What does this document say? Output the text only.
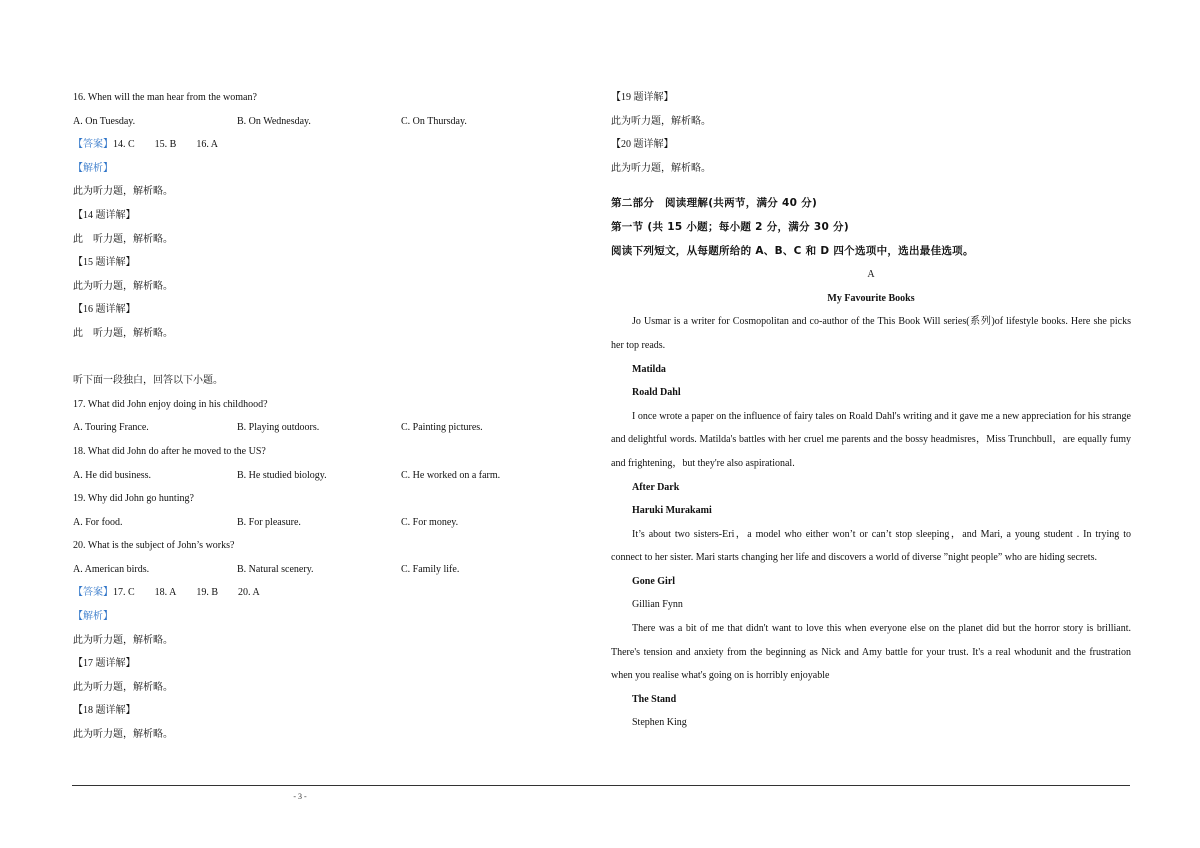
16. When will the man hear from the woman?
A. On Tuesday.	B. On Wednesday.	C. On Thursday.
【答案】14. C 15. B 16. A
【解析】
此为听力题，解析略。
【14 题详解】
此　听力题，解析略。
【15 题详解】
此为听力题，解析略。
【16 题详解】
此　听力题，解析略。
听下面一段独白，回答以下小题。
17. What did John enjoy doing in his childhood?
A. Touring France.	B. Playing outdoors.	C. Painting pictures.
18. What did John do after he moved to the US?
A. He did business.	B. He studied biology.	C. He worked on a farm.
19. Why did John go hunting?
A. For food.	B. For pleasure.	C. For money.
20. What is the subject of John’s works?
A. American birds.	B. Natural scenery.	C. Family life.
【答案】17. C 18. A 19. B 20. A
【解析】
此为听力题，解析略。
【17 题详解】
此为听力题，解析略。
【18 题详解】
此为听力题，解析略。
【19 题详解】
此为听力题，解析略。
【20 题详解】
此为听力题，解析略。
第二部分　阅读理解(共两节，满分 40 分)
第一节 (共 15 小题；每小题 2 分，满分 30 分)
阅读下列短文，从每题所给的 A、B、C 和 D 四个选项中，选出最佳选项。
A
My Favourite Books
Jo Usmar is a writer for Cosmopolitan and co-author of the This Book Will series(系列)of lifestyle books. Here she picks her top reads.
Matilda
Roald Dahl
I once wrote a paper on the influence of fairy tales on Roald Dahl's writing and it gave me a new appreciation for his strange and delightful words. Matilda's battles with her cruel me parents and the bossy headmisres，Miss Trunchbull，are equally fumy and frightening，but they're also aspirational.
After Dark
Haruki Murakami
It’s about two sisters-Eri，a model who either won’t or can’t stop sleeping，and Mari, a young student . In trying to connect to her sister. Mari starts changing her life and discovers a world of diverse ”night people” who are hiding secrets.
Gone Girl
Gillian Fynn
There was a bit of me that didn't want to love this when everyone else on the planet did but the horror story is brilliant. There's tension and anxiety from the beginning as Nick and Amy battle for your trust. It's a real whodunit and the frustration when you realise what's going on is horribly enjoyable
The Stand
Stephen King
- 3 -
